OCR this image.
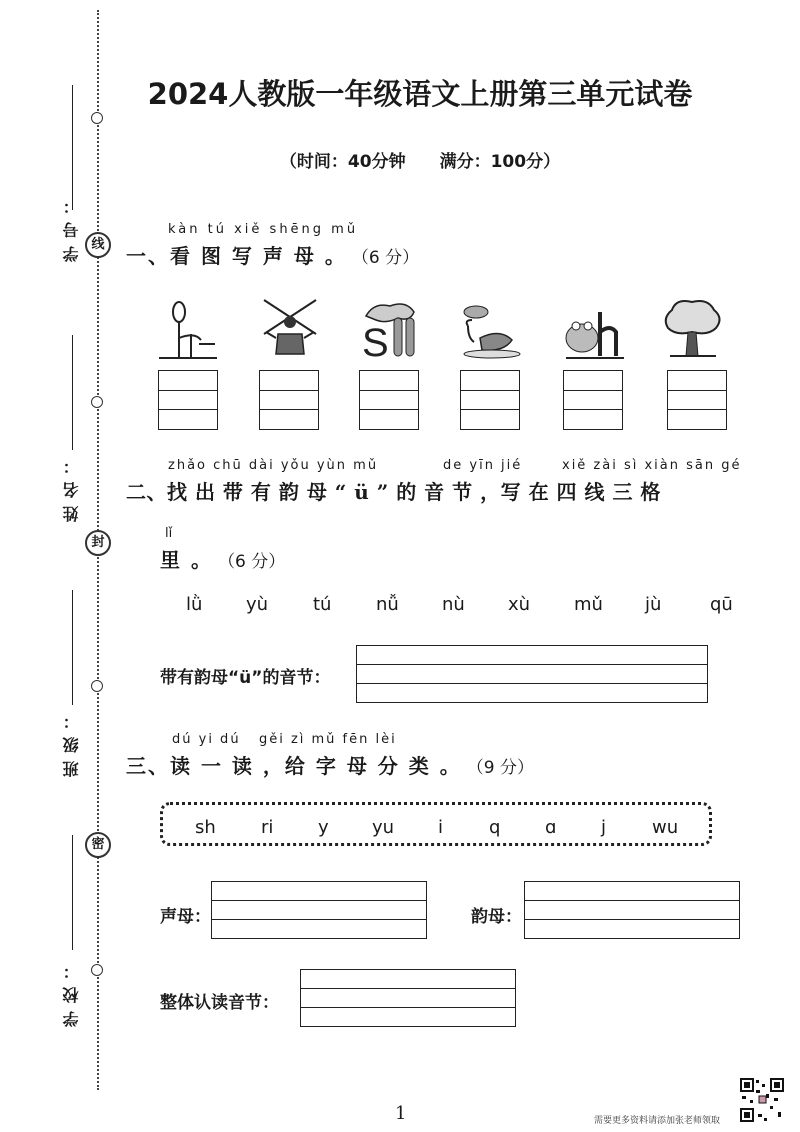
学号： 线
姓名：
封
班级：
密
学校：
2024人教版一年级语文上册第三单元试卷
（时间：40分钟　　满分：100分）
kàn tú xiě shēng mǔ
一、看 图 写 声 母 。 （6 分）
S
zhǎo chū dài yǒu yùn mǔ	de yīn jié	xiě zài sì xiàn sān gé
二、找 出 带 有 韵 母 “ ü ” 的 音 节 ，写 在 四 线 三 格
lǐ
里 。 （6 分）
lǜ yù tú nǚ nù xù mǔ jù	qū
带有韵母“ü”的音节：
dú yi dú   gěi zì mǔ fēn lèi
三、读 一 读 ，给 字 母 分 类 。 （9 分）
sh	ri y yu i	q ɑ j	wu
声母：	韵母：
整体认读音节：
1	需要更多资料请添加张老师领取
